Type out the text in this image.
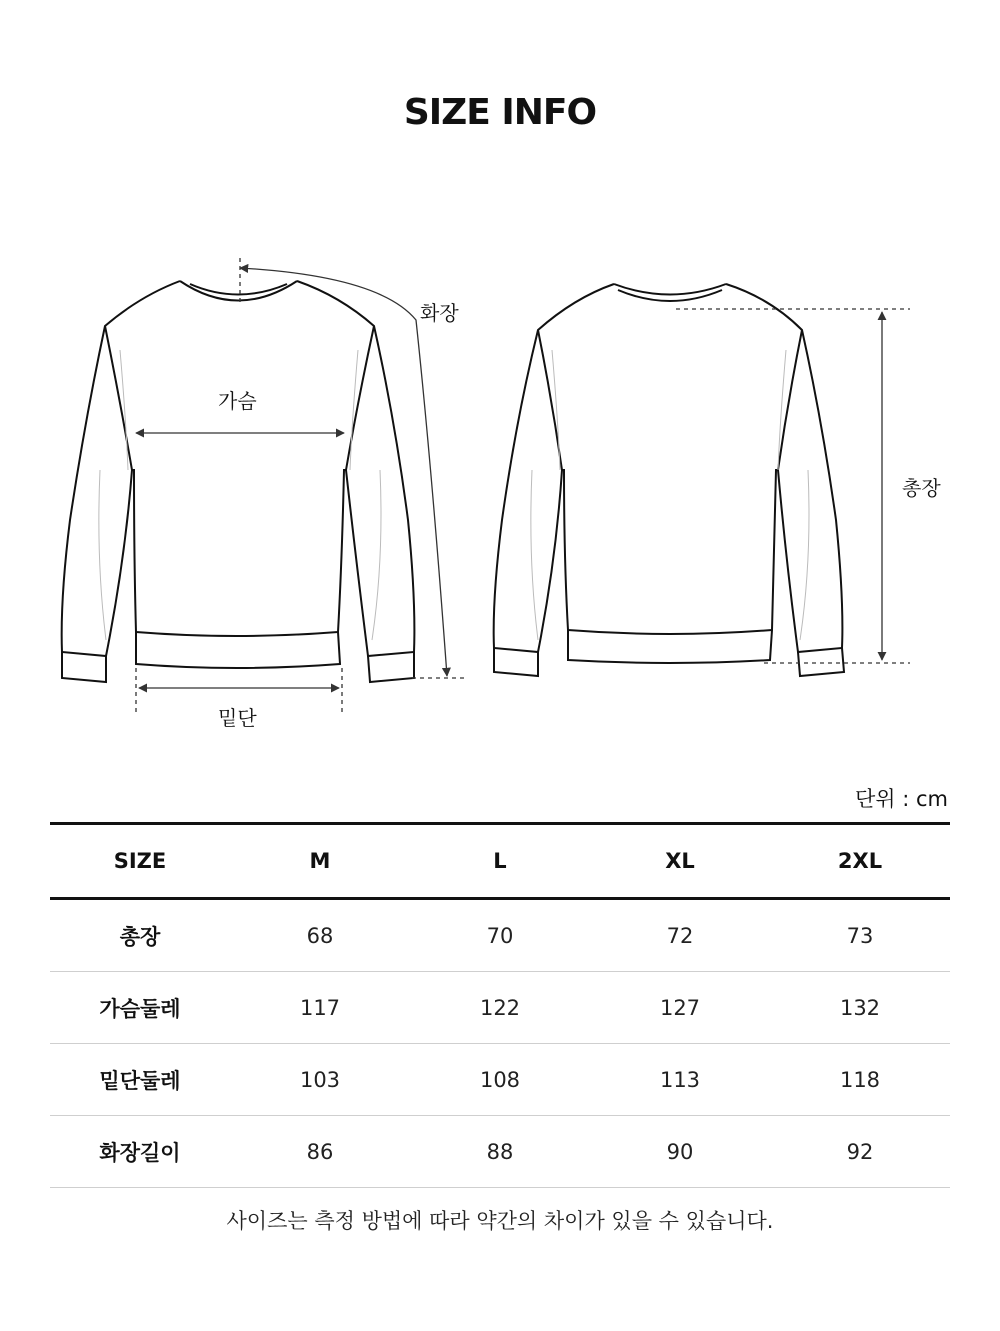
SIZE INFO
화장
가슴
밑단
총장
단위 : cm
SIZE	M	L	XL	2XL
총장	68	70	72	73
가슴둘레	117	122	127	132
밑단둘레	103	108	113	118
화장길이	86	88	90	92
사이즈는 측정 방법에 따라 약간의 차이가 있을 수 있습니다.
